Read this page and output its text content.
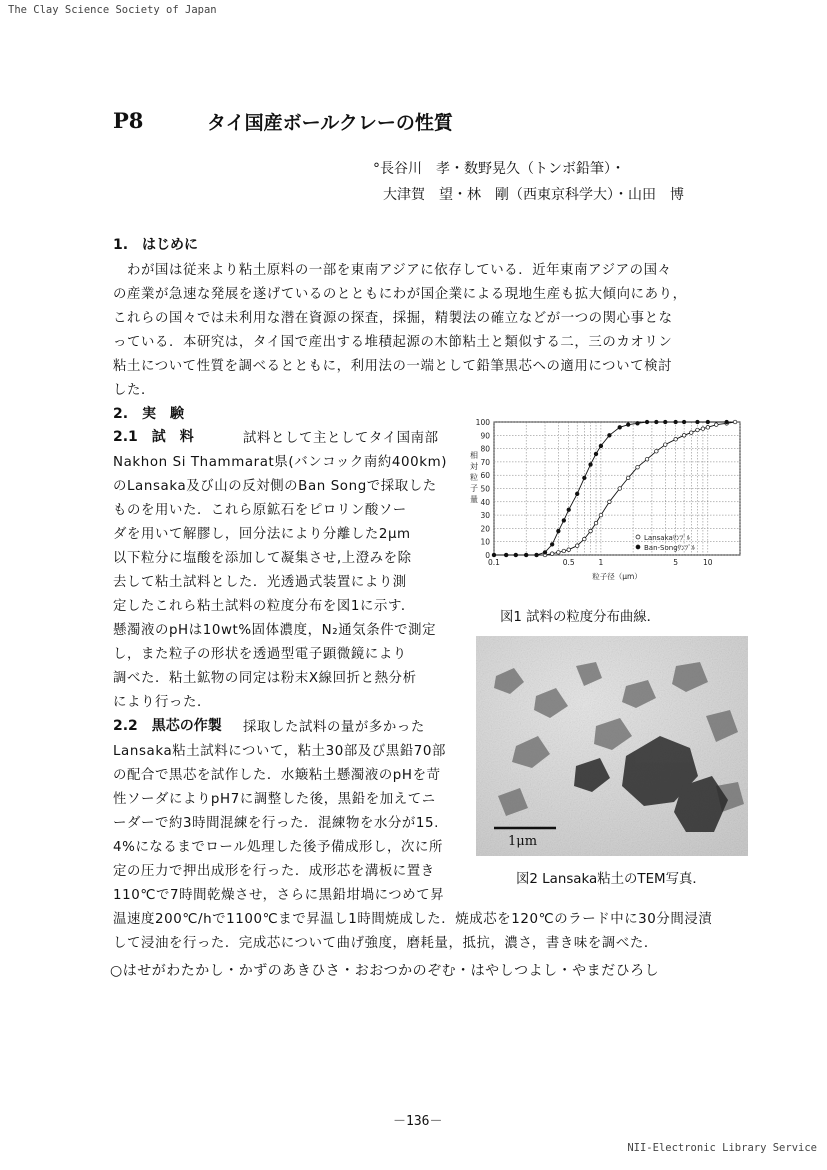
The Clay Science Society of Japan
P8	タイ国産ボールクレーの性質
°長谷川　孝・数野晃久（トンボ鉛筆）・
大津賀　望・林　剛（西東京科学大）・山田　博
1.　はじめに
わが国は従来より粘土原料の一部を東南アジアに依存している．近年東南アジアの国々
の産業が急速な発展を遂げているのとともにわが国企業による現地生産も拡大傾向にあり，
これらの国々では未利用な潜在資源の探査，採掘，精製法の確立などが一つの関心事とな
っている．本研究は，タイ国で産出する堆積起源の木節粘土と類似する二，三のカオリン
粘土について性質を調べるとともに，利用法の一端として鉛筆黒芯への適用について検討
した．
2.　実　験
2.1　試　料	試料として主としてタイ国南部
Nakhon Si Thammarat県(バンコック南約400km)
のLansaka及び山の反対側のBan Songで採取した
ものを用いた．これら原鉱石をピロリン酸ソー
ダを用いて解膠し，回分法により分離した2μm
以下粒分に塩酸を添加して凝集させ,上澄みを除
去して粘土試料とした．光透過式装置により測
定したこれら粘土試料の粒度分布を図1に示す．
懸濁液のpHは10wt%固体濃度，N₂通気条件で測定
し，また粒子の形状を透過型電子顕微鏡により
調べた．粘土鉱物の同定は粉末X線回折と熱分析
により行った．
2.2　黒芯の作製 採取した試料の量が多かった
Lansaka粘土試料について，粘土30部及び黒鉛70部
の配合で黒芯を試作した．水簸粘土懸濁液のpHを苛
性ソーダによりpH7に調整した後，黒鉛を加えてニ
ーダーで約3時間混練を行った．混練物を水分が15.
4%になるまでロール処理した後予備成形し，次に所
定の圧力で押出成形を行った．成形芯を溝板に置き
110℃で7時間乾燥させ，さらに黒鉛坩堝につめて昇
温速度200℃/hで1100℃まで昇温し1時間焼成した．焼成芯を120℃のラード中に30分間浸漬
して浸油を行った．完成芯について曲げ強度，磨耗量，抵抗，濃さ，書き味を調べた．
0
10
20
30
40
50
60
70
80
90
100
0.1	0.5	1	5	10
粒子径（μm）
相対粒子量
Lansakaｻﾝﾌﾟﾙ
Ban-Songｻﾝﾌﾟﾙ
図1 試料の粒度分布曲線．
1μm
図2 Lansaka粘土のTEM写真．
○はせがわたかし・かずのあきひさ・おおつかのぞむ・はやしつよし・やまだひろし
－136－
NII-Electronic Library Service
